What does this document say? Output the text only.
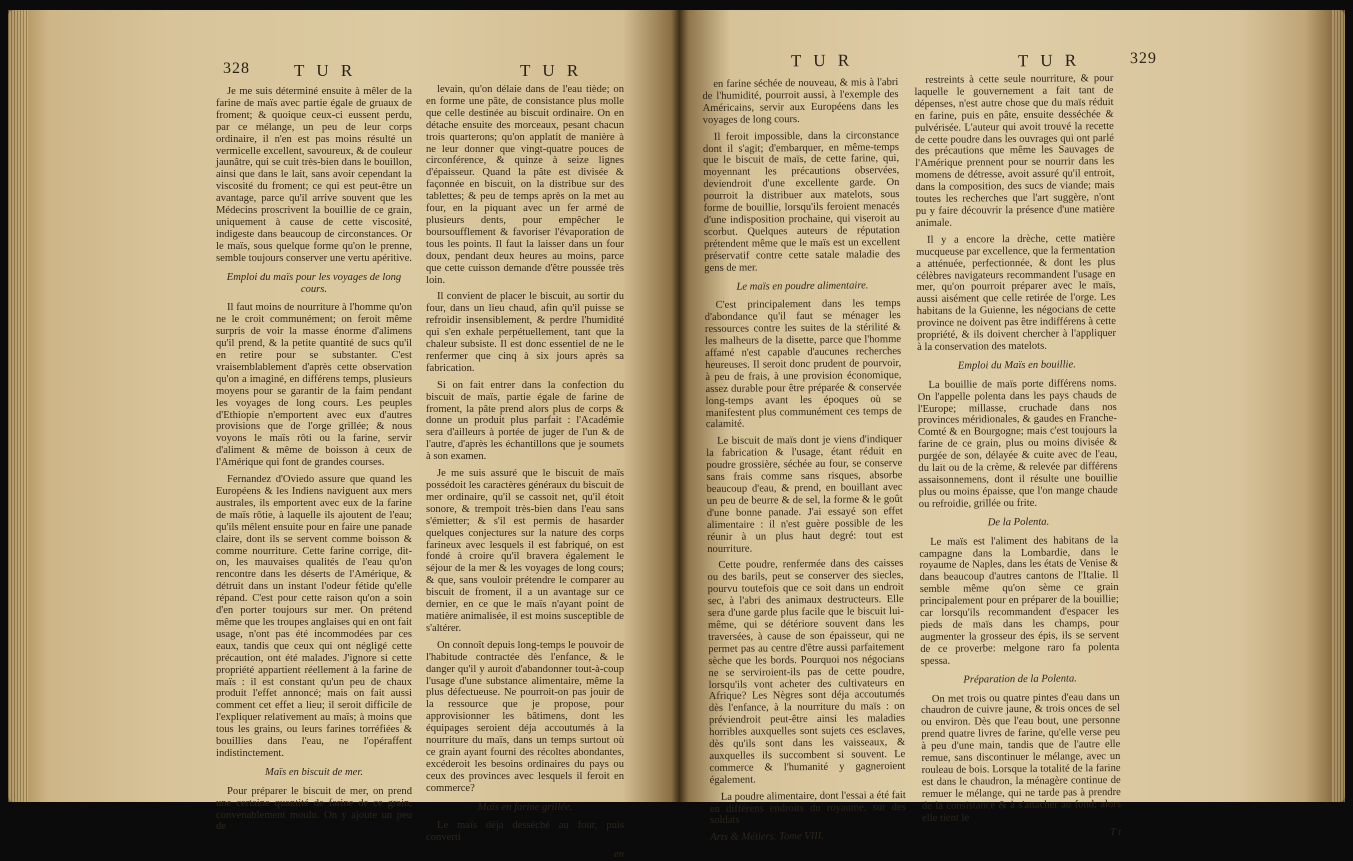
328	T U R	T U R

Je me suis déterminé ensuite à mêler de la farine de maïs avec partie égale de gruaux de froment; & quoique ceux-ci eussent perdu, par ce mélange, un peu de leur corps ordinaire, il n'en est pas moins résulté un vermicelle excellent, savoureux, & de couleur jaunâtre, qui se cuit très-bien dans le bouillon, ainsi que dans le lait, sans avoir cependant la viscosité du froment; ce qui est peut-être un avantage, parce qu'il arrive souvent que les Médecins proscrivent la bouillie de ce grain, uniquement à cause de cette viscosité, indigeste dans beaucoup de circonstances. Or le maïs, sous quelque forme qu'on le prenne, semble toujours conserver une vertu apéritive.

Emploi du maïs pour les voyages de long cours.

Il faut moins de nourriture à l'homme qu'on ne le croit communément; on feroit même surpris de voir la masse énorme d'alimens qu'il prend, & la petite quantité de sucs qu'il en retire pour se substanter. C'est vraisemblablement d'après cette observation qu'on a imaginé, en différens temps, plusieurs moyens pour se garantir de la faim pendant les voyages de long cours. Les peuples d'Ethiopie n'emportent avec eux d'autres provisions que de l'orge grillée; & nous voyons le maïs rôti ou la farine, servir d'aliment & même de boisson à ceux de l'Amérique qui font de grandes courses.

Fernandez d'Oviedo assure que quand les Européens & les Indiens naviguent aux mers australes, ils emportent avec eux de la farine de maïs rôtie, à laquelle ils ajoutent de l'eau; qu'ils mêlent ensuite pour en faire une panade claire, dont ils se servent comme boisson & comme nourriture. Cette farine corrige, dit-on, les mauvaises qualités de l'eau qu'on rencontre dans les déserts de l'Amérique, & détruit dans un instant l'odeur fétide qu'elle répand. C'est pour cette raison qu'on a soin d'en porter toujours sur mer. On prétend même que les troupes anglaises qui en ont fait usage, n'ont pas été incommodées par ces eaux, tandis que ceux qui ont négligé cette précaution, ont été malades. J'ignore si cette propriété appartient réellement à la farine de maïs : il est constant qu'un peu de chaux produit l'effet annoncé; mais on fait aussi comment cet effet a lieu; il seroit difficile de l'expliquer relativement au maïs; à moins que tous les grains, ou leurs farines torréfiées & bouillies dans l'eau, ne l'opéraffent indistinctement.

Maïs en biscuit de mer.

Pour préparer le biscuit de mer, on prend une certaine quantité de farine de ce grain, convenablement moulu. On y ajoute un peu de

levain, qu'on délaie dans de l'eau tiède; on en forme une pâte, de consistance plus molle que celle destinée au biscuit ordinaire. On en détache ensuite des morceaux, pesant chacun trois quarterons; qu'on applatit de manière à ne leur donner que vingt-quatre pouces de circonférence, & quinze à seize lignes d'épaisseur. Quand la pâte est divisée & façonnée en biscuit, on la distribue sur des tablettes; & peu de temps après on la met au four, en la piquant avec un fer armé de plusieurs dents, pour empêcher le boursoufflement & favoriser l'évaporation de tous les points. Il faut la laisser dans un four doux, pendant deux heures au moins, parce que cette cuisson demande d'être poussée très loin.

Il convient de placer le biscuit, au sortir du four, dans un lieu chaud, afin qu'il puisse se refroidir insensiblement, & perdre l'humidité qui s'en exhale perpétuellement, tant que la chaleur subsiste. Il est donc essentiel de ne le renfermer que cinq à six jours après sa fabrication.

Si on fait entrer dans la confection du biscuit de maïs, partie égale de farine de froment, la pâte prend alors plus de corps & donne un produit plus parfait : l'Académie sera d'ailleurs à portée de juger de l'un & de l'autre, d'après les échantillons que je soumets à son examen.

Je me suis assuré que le biscuit de maïs possédoit les caractères généraux du biscuit de mer ordinaire, qu'il se cassoit net, qu'il étoit sonore, & trempoit très-bien dans l'eau sans s'émietter; & s'il est permis de hasarder quelques conjectures sur la nature des corps farineux avec lesquels il est fabriqué, on est fondé à croire qu'il bravera également le séjour de la mer & les voyages de long cours; & que, sans vouloir prétendre le comparer au biscuit de froment, il a un avantage sur ce dernier, en ce que le maïs n'ayant point de matière animalisée, il est moins susceptible de s'altérer.

On connoît depuis long-temps le pouvoir de l'habitude contractée dès l'enfance, & le danger qu'il y auroit d'abandonner tout-à-coup l'usage d'une substance alimentaire, même la plus défectueuse. Ne pourroit-on pas jouir de la ressource que je propose, pour approvisionner les bâtimens, dont les équipages seroient déja accoutumés à la nourriture du maïs, dans un temps surtout où ce grain ayant fourni des récoltes abondantes, excéderoit les besoins ordinaires du pays ou ceux des provinces avec lesquels il feroit en commerce?

Maïs en farine grillée.

Le maïs déja desséché au four, puis converti

en

T U R	T U R	329

en farine séchée de nouveau, & mis à l'abri de l'humidité, pourroit aussi, à l'exemple des Américains, servir aux Européens dans les voyages de long cours.

Il feroit impossible, dans la circonstance dont il s'agit; d'embarquer, en même-temps que le biscuit de maïs, de cette farine, qui, moyennant les précautions observées, deviendroit d'une excellente garde. On pourroit la distribuer aux matelots, sous forme de bouillie, lorsqu'ils feroient menacés d'une indisposition prochaine, qui viseroit au scorbut. Quelques auteurs de réputation prétendent même que le maïs est un excellent préservatif contre cette satale maladie des gens de mer.

Le maïs en poudre alimentaire.

C'est principalement dans les temps d'abondance qu'il faut se ménager les ressources contre les suites de la stérilité & les malheurs de la disette, parce que l'homme affamé n'est capable d'aucunes recherches heureuses. Il seroit donc prudent de pourvoir, à peu de frais, à une provision économique, assez durable pour être préparée & conservée long-temps avant les époques où se manifestent plus communément ces temps de calamité.

Le biscuit de maïs dont je viens d'indiquer la fabrication & l'usage, étant réduit en poudre grossière, séchée au four, se conserve sans frais comme sans risques, absorbe beaucoup d'eau, & prend, en bouillant avec un peu de beurre & de sel, la forme & le goût d'une bonne panade. J'ai essayé son effet alimentaire : il n'est guère possible de les réunir à un plus haut degré: tout est nourriture.

Cette poudre, renfermée dans des caisses ou des barils, peut se conserver des siecles, pourvu toutefois que ce soit dans un endroit sec, à l'abri des animaux destructeurs. Elle sera d'une garde plus facile que le biscuit lui-même, qui se détériore souvent dans les traversées, à cause de son épaisseur, qui ne permet pas au centre d'être aussi parfaitement sèche que les bords. Pourquoi nos négocians ne se serviroient-ils pas de cette poudre, lorsqu'ils vont acheter des cultivateurs en Afrique? Les Nègres sont déja accoutumés dès l'enfance, à la nourriture du maïs : on préviendroit peut-être ainsi les maladies horribles auxquelles sont sujets ces esclaves, dès qu'ils sont dans les vaisseaux, & auxquelles ils succombent si souvent. Le commerce & l'humanité y gagneroient également.

La poudre alimentaire, dont l'essai a été fait en différens endroits du royaume, sur des soldats

Arts & Métiers. Tome VIII.

restreints à cette seule nourriture, & pour laquelle le gouvernement a fait tant de dépenses, n'est autre chose que du maïs réduit en farine, puis en pâte, ensuite desséchée & pulvérisée. L'auteur qui avoit trouvé la recette de cette poudre dans les ouvrages qui ont parlé des précautions que même les Sauvages de l'Amérique prennent pour se nourrir dans les momens de détresse, avoit assuré qu'il entroit, dans la composition, des sucs de viande; mais toutes les recherches que l'art suggère, n'ont pu y faire découvrir la présence d'une matière animale.

Il y a encore la drèche, cette matière mucqueuse par excellence, que la fermentation a atténuée, perfectionnée, & dont les plus célèbres navigateurs recommandent l'usage en mer, qu'on pourroit préparer avec le maïs, aussi aisément que celle retirée de l'orge. Les habitans de la Guienne, les négocians de cette province ne doivent pas être indifférens à cette propriété, & ils doivent chercher à l'appliquer à la conservation des matelots.

Emploi du Maïs en bouillie.

La bouillie de maïs porte différens noms. On l'appelle polenta dans les pays chauds de l'Europe; millasse, cruchade dans nos provinces méridionales, & gaudes en Franche-Comté & en Bourgogne; mais c'est toujours la farine de ce grain, plus ou moins divisée & purgée de son, délayée & cuite avec de l'eau, du lait ou de la crème, & relevée par différens assaisonnemens, dont il résulte une bouillie plus ou moins épaisse, que l'on mange chaude ou refroidie, grillée ou frite.

De la Polenta.

Le maïs est l'aliment des habitans de la campagne dans la Lombardie, dans le royaume de Naples, dans les états de Venise & dans beaucoup d'autres cantons de l'Italie. Il semble même qu'on sème ce grain principalement pour en préparer de la bouillie; car lorsqu'ils recommandent d'espacer les pieds de maïs dans les champs, pour augmenter la grosseur des épis, ils se servent de ce proverbe: melgone raro fa polenta spessa.

Préparation de la Polenta.

On met trois ou quatre pintes d'eau dans un chaudron de cuivre jaune, & trois onces de sel ou environ. Dès que l'eau bout, une personne prend quatre livres de farine, qu'elle verse peu à peu d'une main, tandis que de l'autre elle remue, sans discontinuer le mélange, avec un rouleau de bois. Lorsque la totalité de la farine est dans le chaudron, la ménagère continue de remuer le mélange, qui ne tarde pas à prendre de la consistance & à s'attacher au fond; alors elle tient le

T t
